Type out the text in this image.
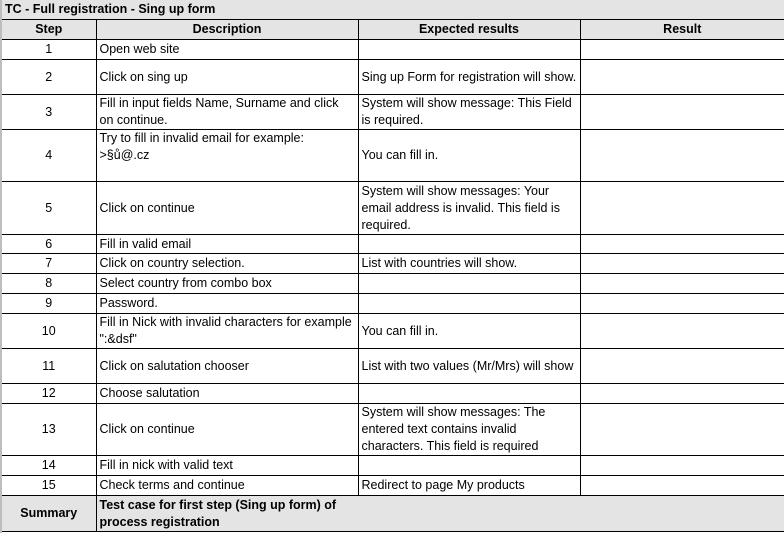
TC - Full registration - Sing up form			
Step	Description	Expected results	Result
1	Open web site		
2	Click on sing up	Sing up Form for registration will show.	
3	Fill in input fields Name, Surname and click on continue.	System will show message: This Field is required.	
4	Try to fill in invalid email for example: >§ů@.cz	You can fill in.	
5	Click on continue	System will show messages: Your email address is invalid. This field is required.	
6	Fill in valid email		
7	Click on country selection.	List with countries will show.	
8	Select country from combo box		
9	Password.		
10	Fill in Nick with invalid characters for example ":&dsf"	You can fill in.	
11	Click on salutation chooser	List with two values (Mr/Mrs) will show	
12	Choose salutation		
13	Click on continue	System will show messages: The entered text contains invalid characters. This field is required	
14	Fill in nick with valid text		
15	Check terms and continue	Redirect to page My products	
Summary	Test case for first step (Sing up form) of process registration		
